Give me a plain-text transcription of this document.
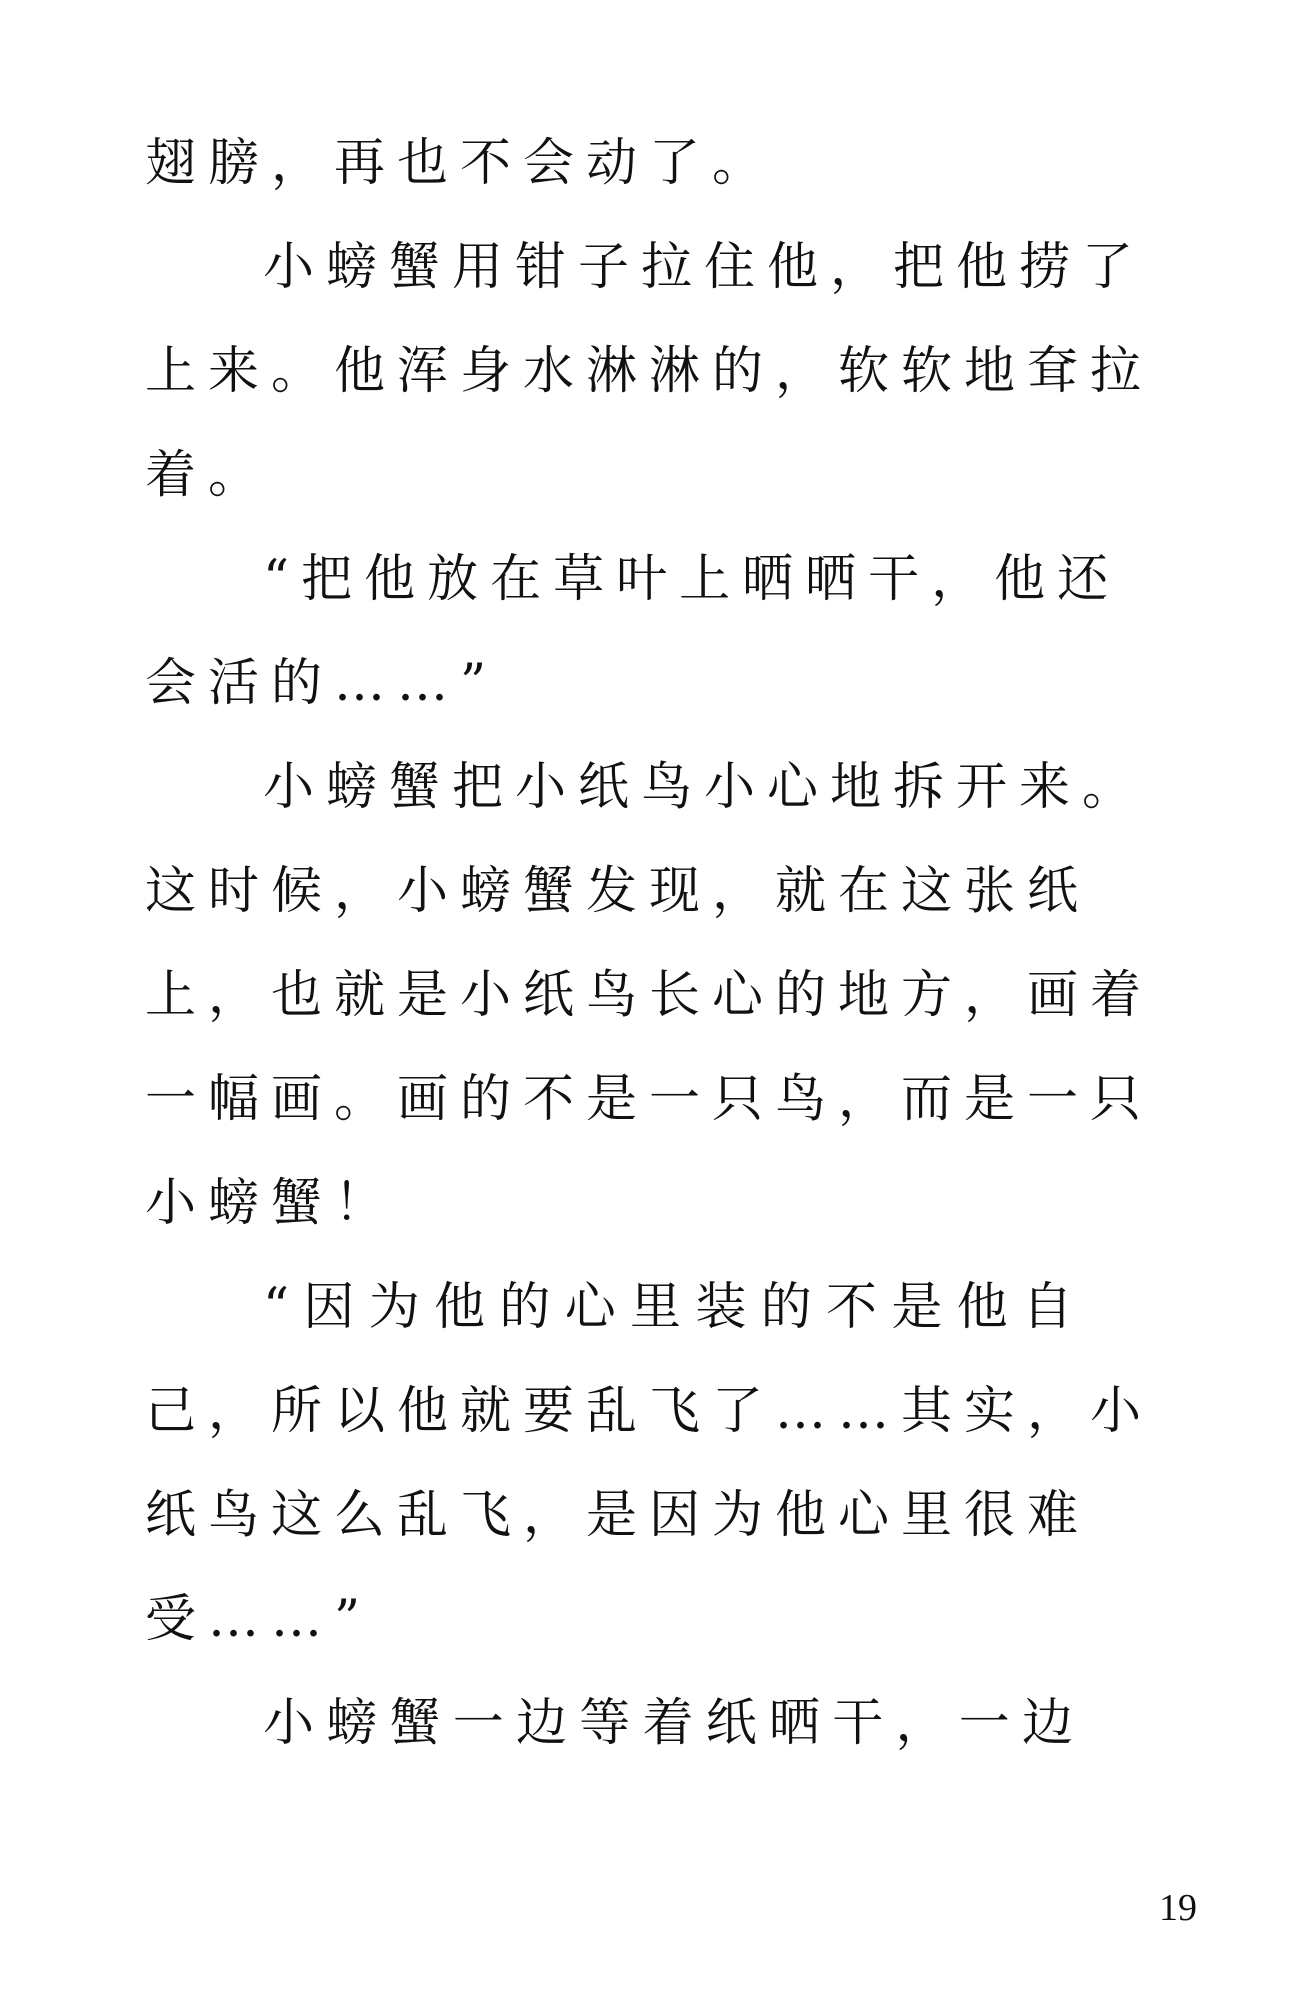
翅膀，再也不会动了。
小螃蟹用钳子拉住他，把他捞了
上来。他浑身水淋淋的，软软地耷拉
着。
“把他放在草叶上晒晒干，他还
会活的……”
小螃蟹把小纸鸟小心地拆开来。
这时候，小螃蟹发现，就在这张纸
上，也就是小纸鸟长心的地方，画着
一幅画。画的不是一只鸟，而是一只
小螃蟹！
“因为他的心里装的不是他自
己，所以他就要乱飞了……其实，小
纸鸟这么乱飞，是因为他心里很难
受……”
小螃蟹一边等着纸晒干，一边
19
